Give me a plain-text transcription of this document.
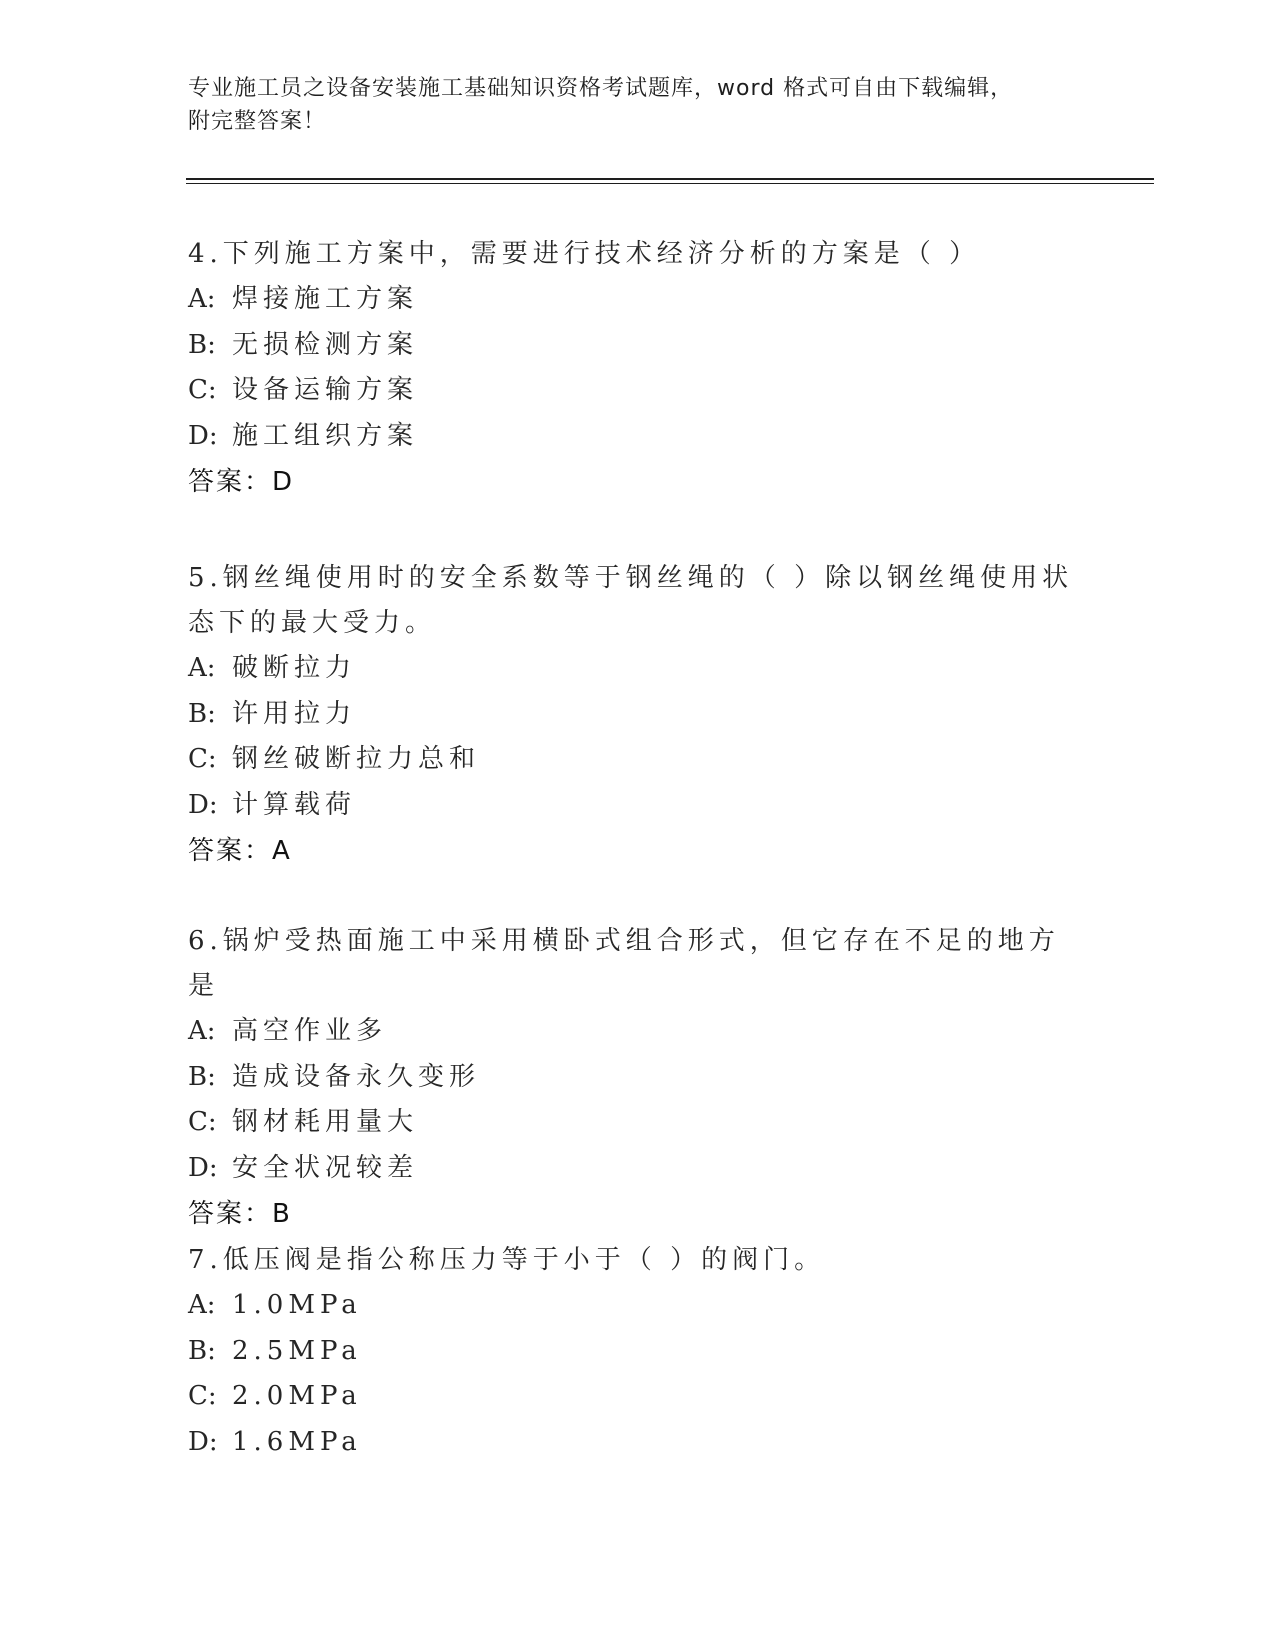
专业施工员之设备安装施工基础知识资格考试题库，word 格式可自由下载编辑，
附完整答案！

4.下列施工方案中，需要进行技术经济分析的方案是（ ）

A: 焊接施工方案

B: 无损检测方案

C: 设备运输方案

D: 施工组织方案

答案：D

5.钢丝绳使用时的安全系数等于钢丝绳的（ ）除以钢丝绳使用状态下的最大受力。

A: 破断拉力

B: 许用拉力

C: 钢丝破断拉力总和

D: 计算载荷

答案：A

6.锅炉受热面施工中采用横卧式组合形式，但它存在不足的地方是

A: 高空作业多

B: 造成设备永久变形

C: 钢材耗用量大

D: 安全状况较差

答案：B

7.低压阀是指公称压力等于小于（ ）的阀门。

A: 1.0MPa

B: 2.5MPa

C: 2.0MPa

D: 1.6MPa
